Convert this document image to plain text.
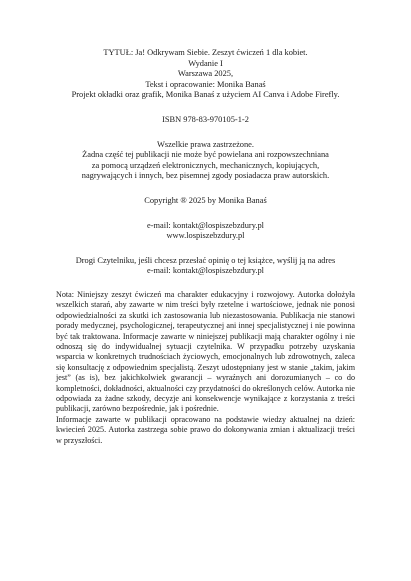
TYTUŁ: Ja! Odkrywam Siebie. Zeszyt ćwiczeń 1 dla kobiet.

Wydanie I

Warszawa 2025,

Tekst i opracowanie: Monika Banaś

Projekt okładki oraz grafik, Monika Banaś z użyciem AI Canva i Adobe Firefly.

ISBN 978-83-970105-1-2

Wszelkie prawa zastrzeżone.

Żadna część tej publikacji nie może być powielana ani rozpowszechniana

za pomocą urządzeń elektronicznych, mechanicznych, kopiujących,

nagrywających i innych, bez pisemnej zgody posiadacza praw autorskich.

Copyright ® 2025 by Monika Banaś

e-mail: kontakt@lospiszebzdury.pl

www.lospiszebzdury.pl

Drogi Czytelniku, jeśli chcesz przesłać opinię o tej książce, wyślij ją na adres

e-mail: kontakt@lospiszebzdury.pl

Nota: Niniejszy zeszyt ćwiczeń ma charakter edukacyjny i rozwojowy. Autorka dołożyła wszelkich starań, aby zawarte w nim treści były rzetelne i wartościowe, jednak nie ponosi odpowiedzialności za skutki ich zastosowania lub niezastosowania. Publikacja nie stanowi porady medycznej, psychologicznej, terapeutycznej ani innej specjalistycznej i nie powinna być tak traktowana. Informacje zawarte w niniejszej publikacji mają charakter ogólny i nie odnoszą się do indywidualnej sytuacji czytelnika. W przypadku potrzeby uzyskania wsparcia w konkretnych trudnościach życiowych, emocjonalnych lub zdrowotnych, zaleca się konsultację z odpowiednim specjalistą. Zeszyt udostępniany jest w stanie „takim, jakim jest” (as is), bez jakichkolwiek gwarancji – wyraźnych ani dorozumianych – co do kompletności, dokładności, aktualności czy przydatności do określonych celów. Autorka nie odpowiada za żadne szkody, decyzje ani konsekwencje wynikające z korzystania z treści publikacji, zarówno bezpośrednie, jak i pośrednie.

Informacje zawarte w publikacji opracowano na podstawie wiedzy aktualnej na dzień: kwiecień 2025. Autorka zastrzega sobie prawo do dokonywania zmian i aktualizacji treści w przyszłości.
